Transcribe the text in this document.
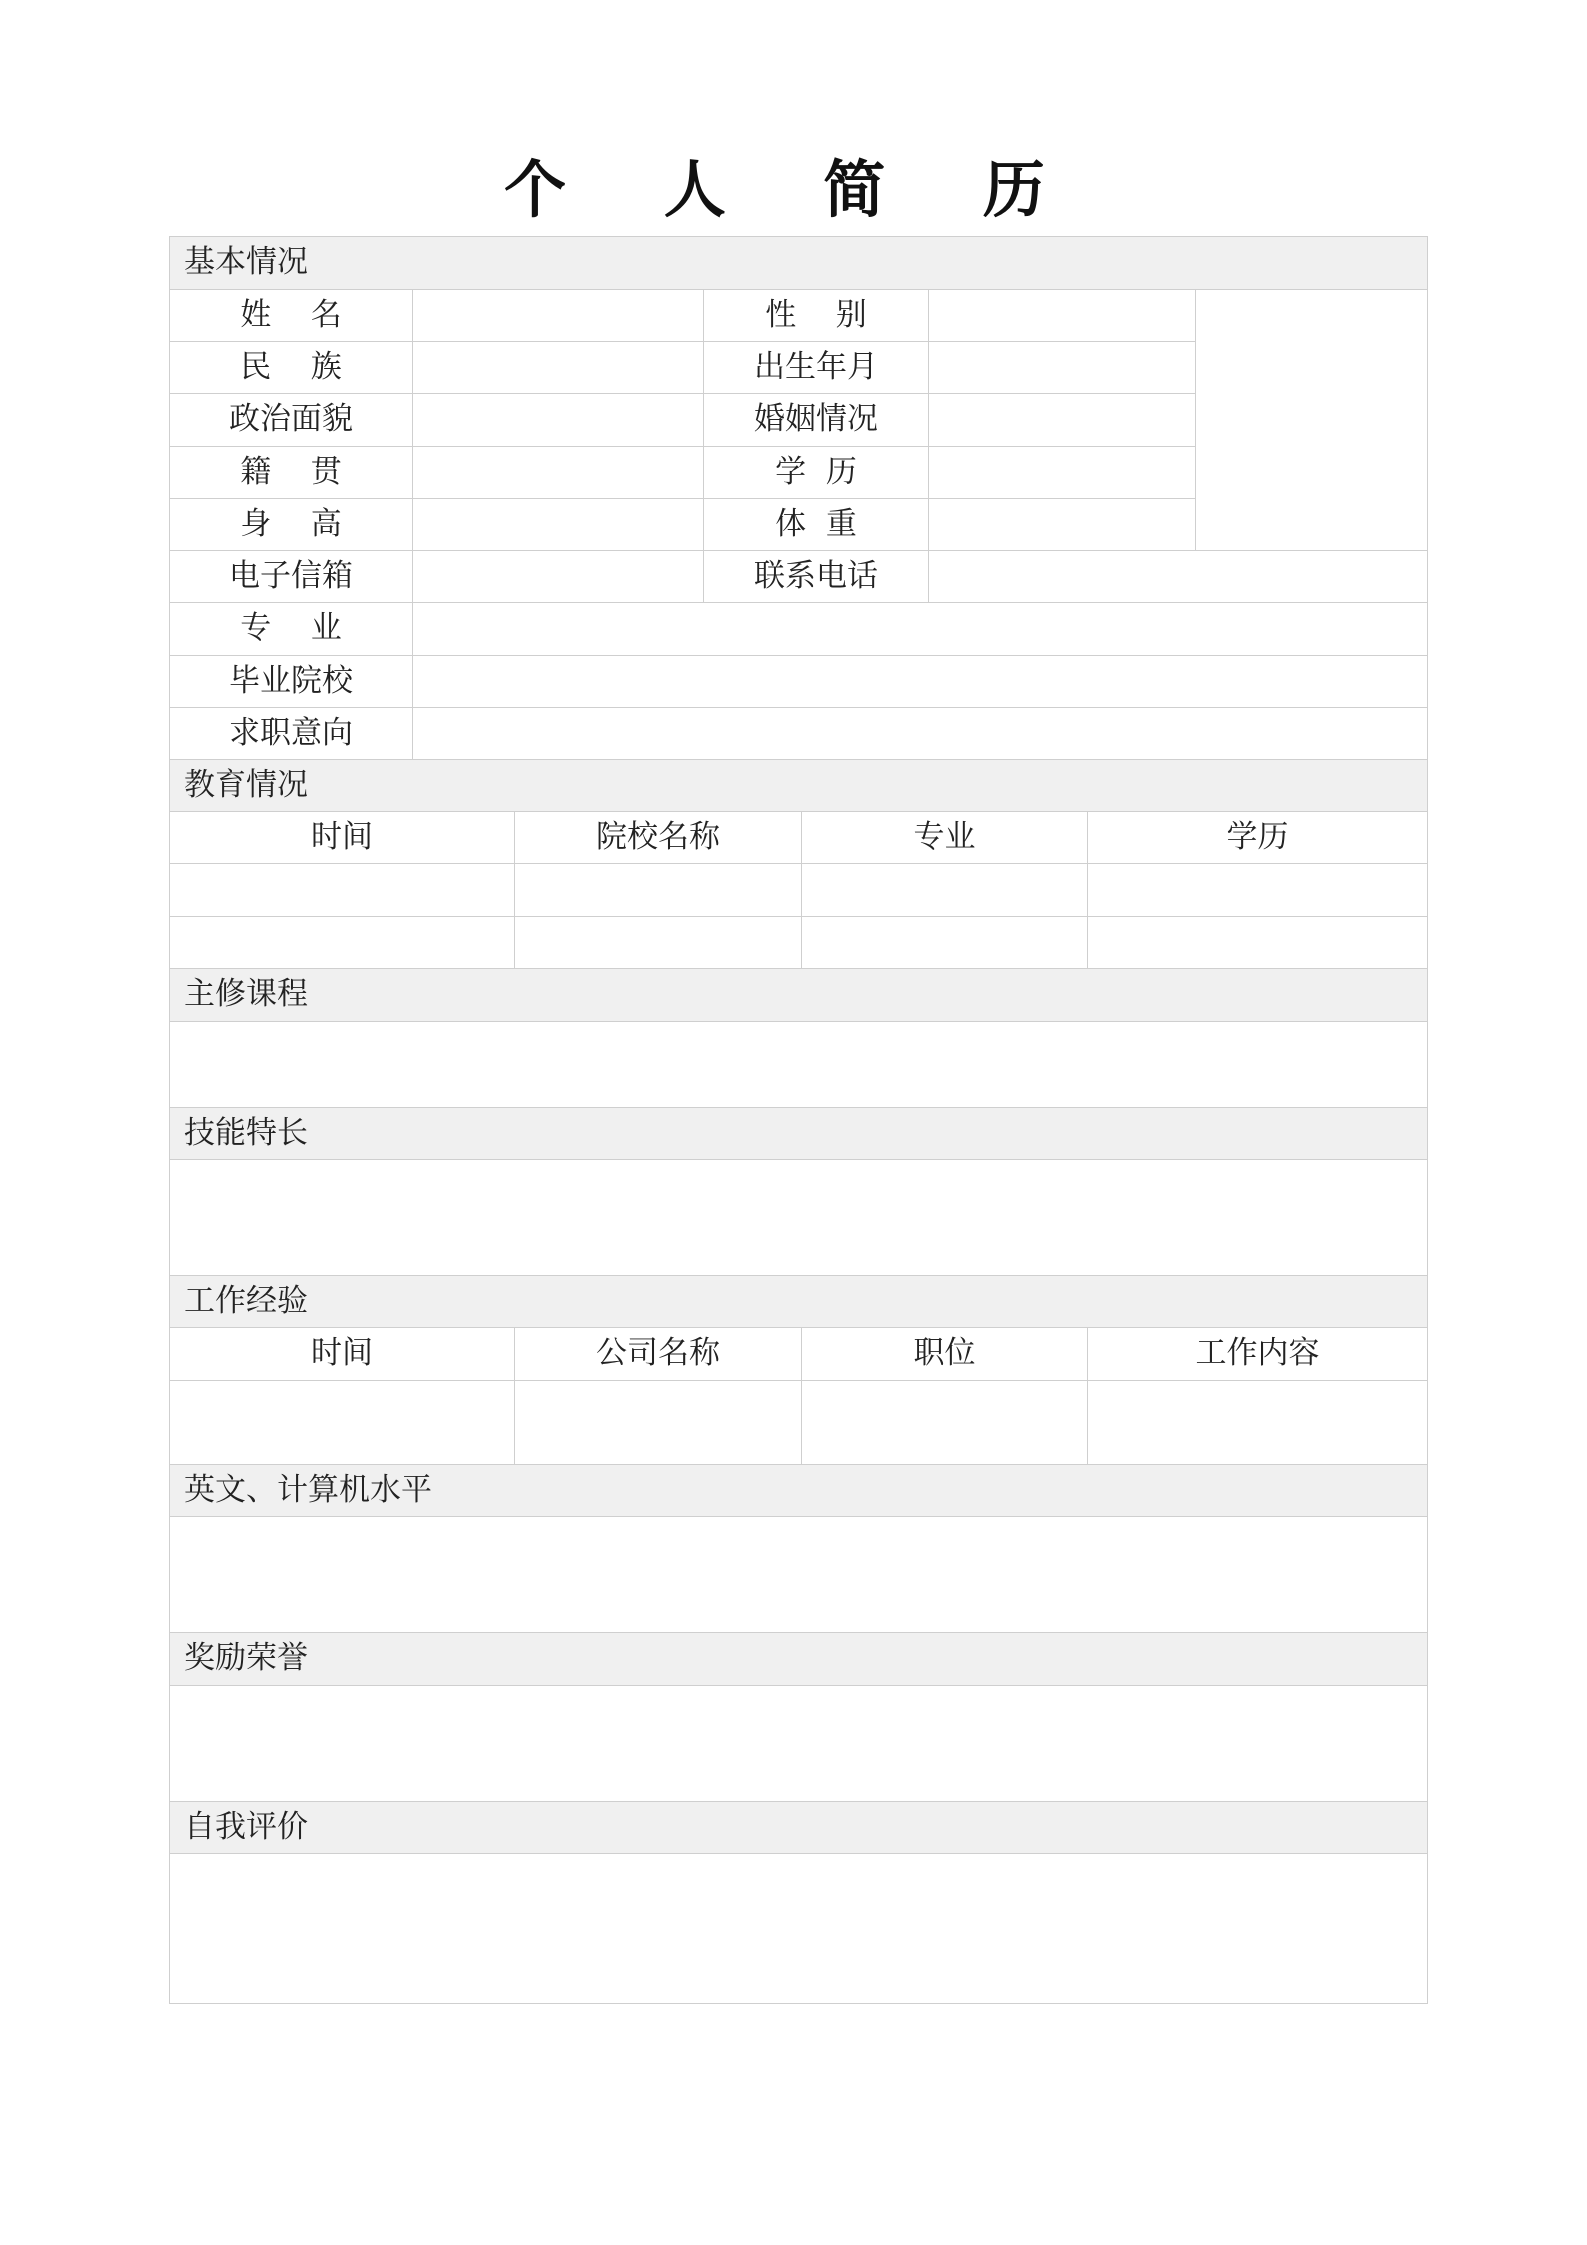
个 人 简 历
基本情况
姓    名	性    别
民    族	出生年月
政治面貌	婚姻情况
籍    贯	学  历
身    高	体  重
电子信箱	联系电话
专    业
毕业院校
求职意向
教育情况
时间	院校名称	专业	学历
主修课程
技能特长
工作经验
时间	公司名称	职位	工作内容
英文、计算机水平
奖励荣誉
自我评价
